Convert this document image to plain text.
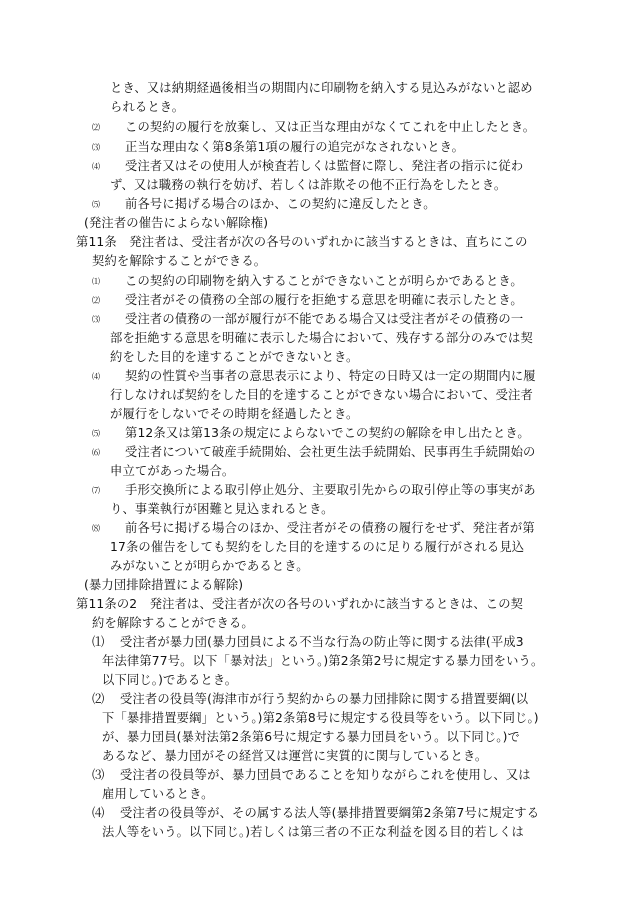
とき、又は納期経過後相当の期間内に印刷物を納入する見込みがないと認め
られるとき。
⑵ この契約の履行を放棄し、又は正当な理由がなくてこれを中止したとき。
⑶ 正当な理由なく第8条第1項の履行の追完がなされないとき。
⑷ 受注者又はその使用人が検査若しくは監督に際し、発注者の指示に従わ
ず、又は職務の執行を妨げ、若しくは詐欺その他不正行為をしたとき。
⑸ 前各号に掲げる場合のほか、この契約に違反したとき。
(発注者の催告によらない解除権)
第11条　発注者は、受注者が次の各号のいずれかに該当するときは、直ちにこの
契約を解除することができる。
⑴ この契約の印刷物を納入することができないことが明らかであるとき。
⑵ 受注者がその債務の全部の履行を拒絶する意思を明確に表示したとき。
⑶ 受注者の債務の一部が履行が不能である場合又は受注者がその債務の一
部を拒絶する意思を明確に表示した場合において、残存する部分のみでは契
約をした目的を達することができないとき。
⑷ 契約の性質や当事者の意思表示により、特定の日時又は一定の期間内に履
行しなければ契約をした目的を達することができない場合において、受注者
が履行をしないでその時期を経過したとき。
⑸ 第12条又は第13条の規定によらないでこの契約の解除を申し出たとき。
⑹ 受注者について破産手続開始、会社更生法手続開始、民事再生手続開始の
申立てがあった場合。
⑺ 手形交換所による取引停止処分、主要取引先からの取引停止等の事実があ
り、事業執行が困難と見込まれるとき。
⑻ 前各号に掲げる場合のほか、受注者がその債務の履行をせず、発注者が第
17条の催告をしても契約をした目的を達するのに足りる履行がされる見込
みがないことが明らかであるとき。
(暴力団排除措置による解除)
第11条の2　発注者は、受注者が次の各号のいずれかに該当するときは、この契
約を解除することができる。
⑴ 受注者が暴力団(暴力団員による不当な行為の防止等に関する法律(平成3
年法律第77号。以下「暴対法」という。)第2条第2号に規定する暴力団をいう。
以下同じ。)であるとき。
⑵ 受注者の役員等(海津市が行う契約からの暴力団排除に関する措置要綱(以
下「暴排措置要綱」という。)第2条第8号に規定する役員等をいう。以下同じ。)
が、暴力団員(暴対法第2条第6号に規定する暴力団員をいう。以下同じ。)で
あるなど、暴力団がその経営又は運営に実質的に関与しているとき。
⑶ 受注者の役員等が、暴力団員であることを知りながらこれを使用し、又は
雇用しているとき。
⑷ 受注者の役員等が、その属する法人等(暴排措置要綱第2条第7号に規定する
法人等をいう。以下同じ。)若しくは第三者の不正な利益を図る目的若しくは
